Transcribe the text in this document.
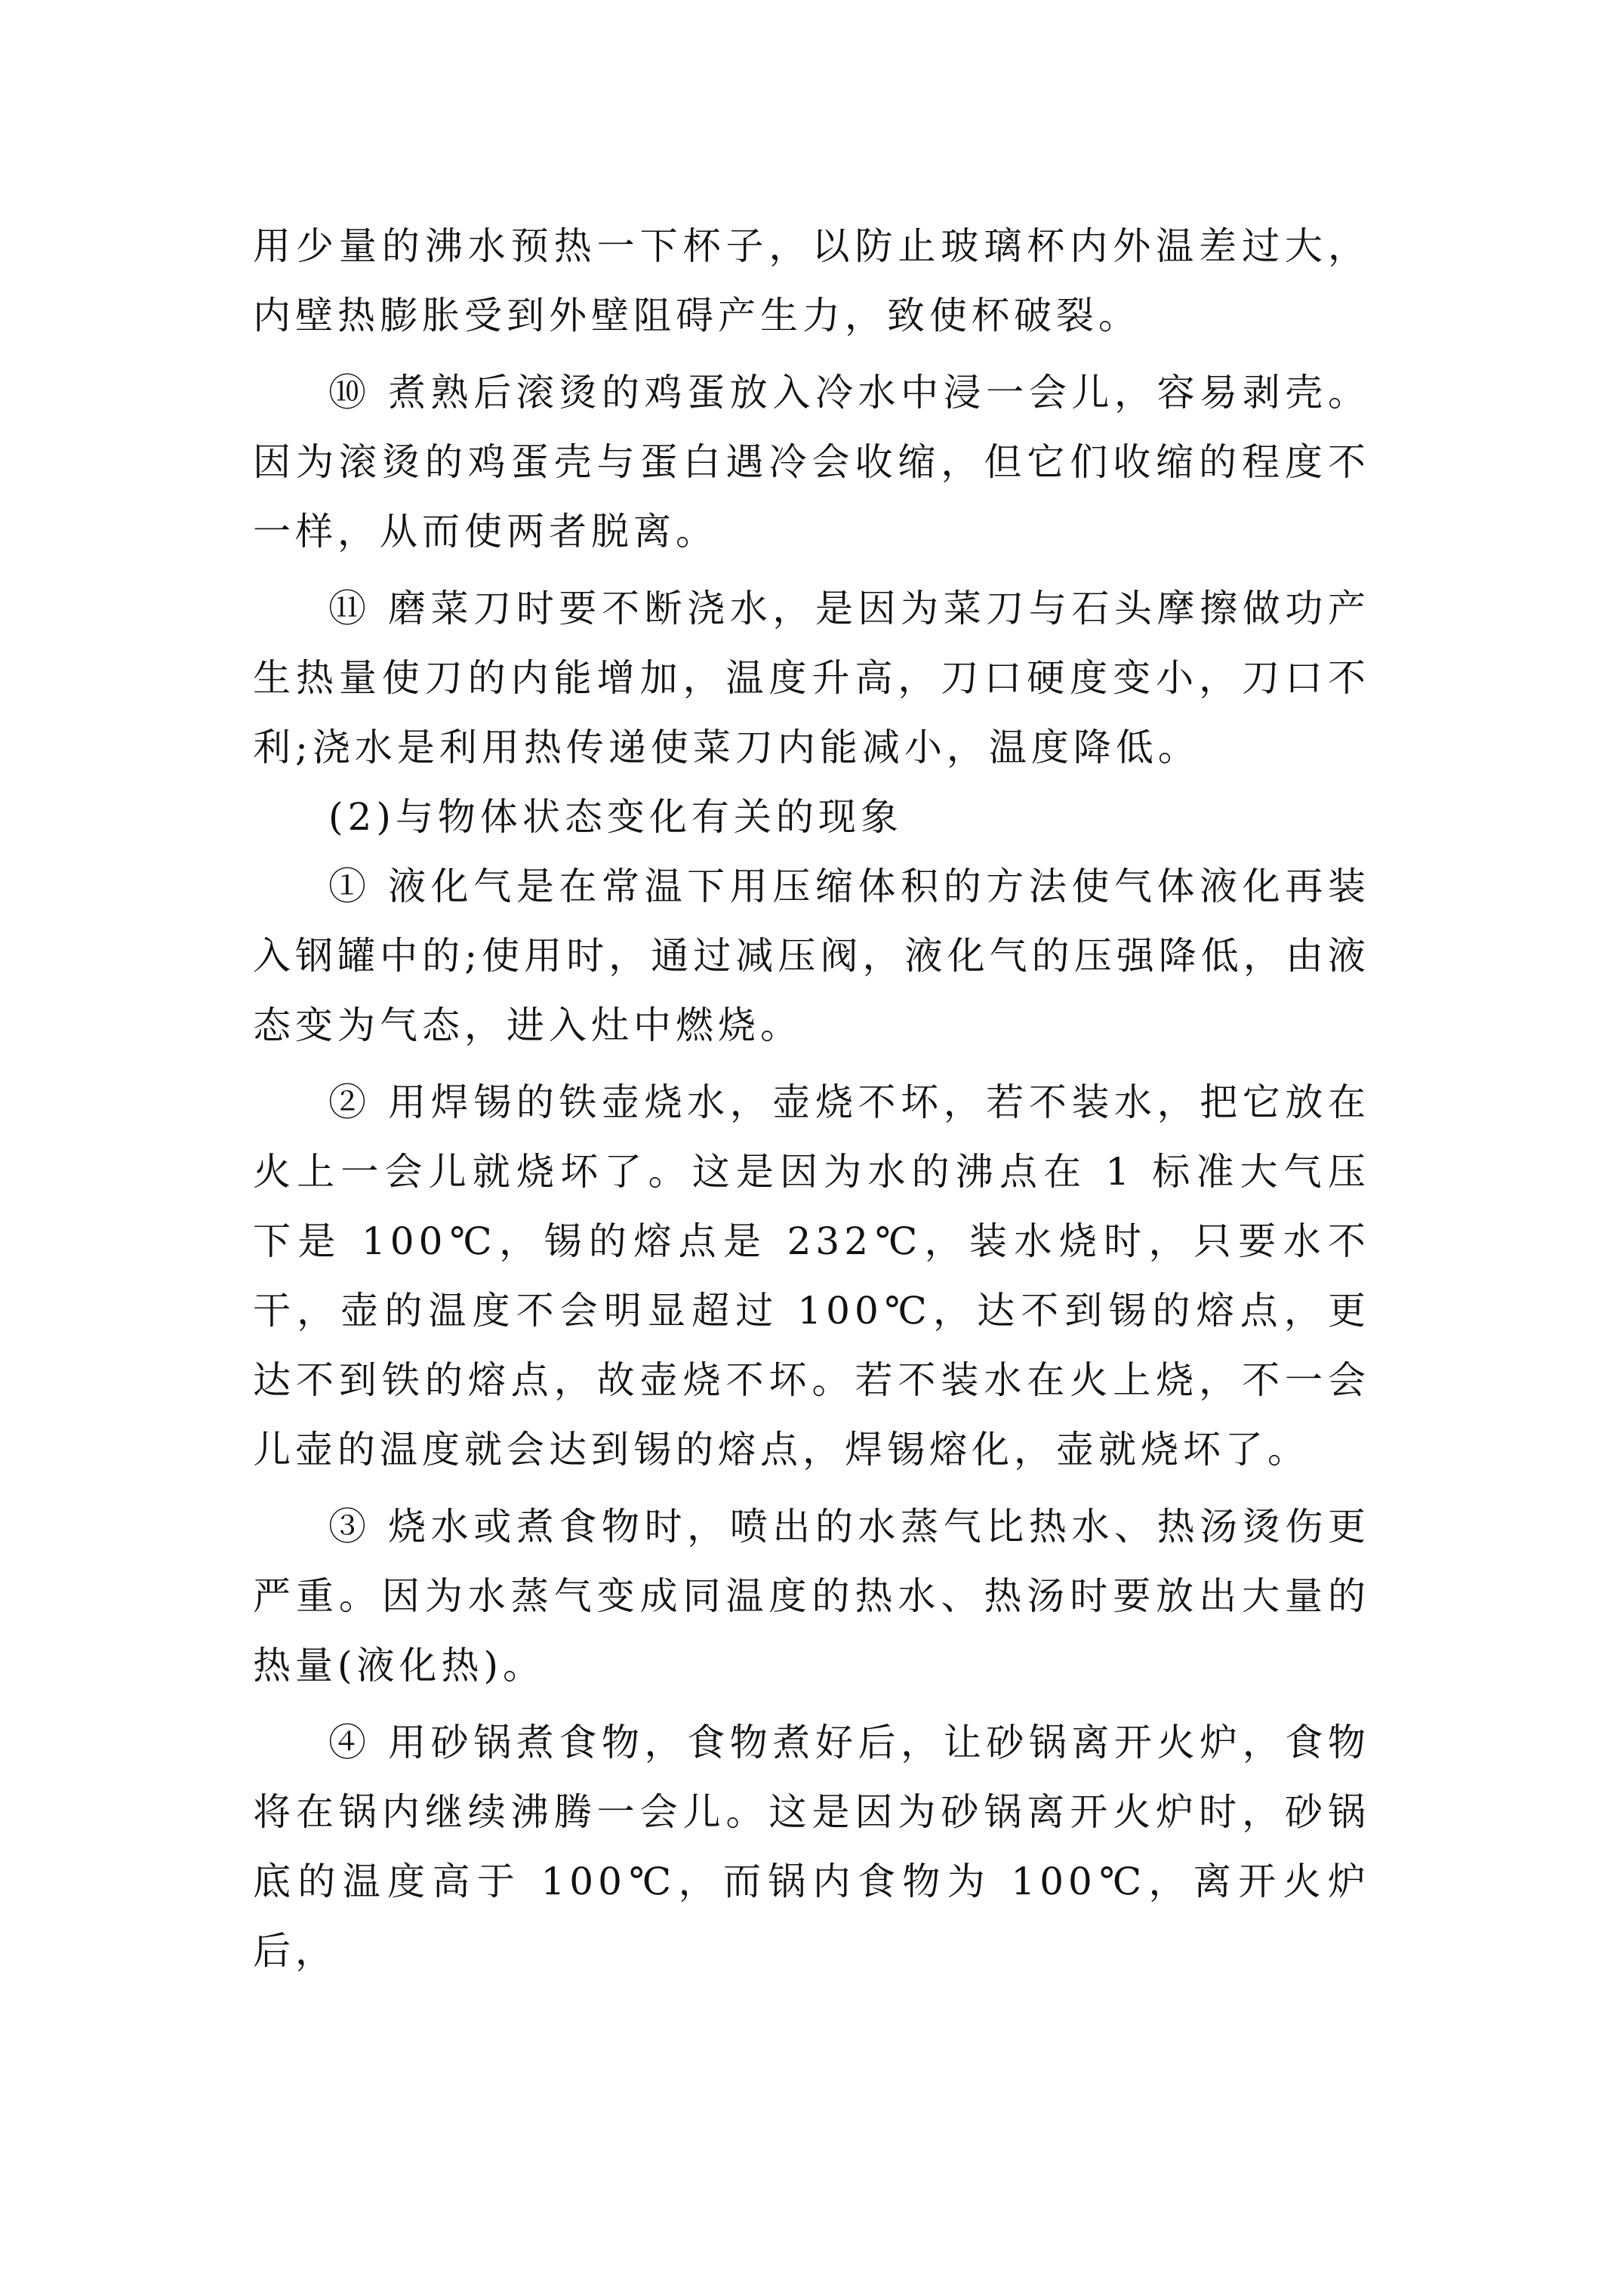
用少量的沸水预热一下杯子，以防止玻璃杯内外温差过大，内壁热膨胀受到外壁阻碍产生力，致使杯破裂。

⑩ 煮熟后滚烫的鸡蛋放入冷水中浸一会儿，容易剥壳。因为滚烫的鸡蛋壳与蛋白遇冷会收缩，但它们收缩的程度不一样，从而使两者脱离。

⑪ 磨菜刀时要不断浇水，是因为菜刀与石头摩擦做功产生热量使刀的内能增加，温度升高，刀口硬度变小，刀口不利;浇水是利用热传递使菜刀内能减小，温度降低。

(2)与物体状态变化有关的现象

① 液化气是在常温下用压缩体积的方法使气体液化再装入钢罐中的;使用时，通过减压阀，液化气的压强降低，由液态变为气态，进入灶中燃烧。

② 用焊锡的铁壶烧水，壶烧不坏，若不装水，把它放在火上一会儿就烧坏了。这是因为水的沸点在 1 标准大气压下是 100℃，锡的熔点是 232℃，装水烧时，只要水不干，壶的温度不会明显超过 100℃，达不到锡的熔点，更达不到铁的熔点，故壶烧不坏。若不装水在火上烧，不一会儿壶的温度就会达到锡的熔点，焊锡熔化，壶就烧坏了。

③ 烧水或煮食物时，喷出的水蒸气比热水、热汤烫伤更严重。因为水蒸气变成同温度的热水、热汤时要放出大量的热量(液化热)。

④ 用砂锅煮食物，食物煮好后，让砂锅离开火炉，食物将在锅内继续沸腾一会儿。这是因为砂锅离开火炉时，砂锅底的温度高于 100℃，而锅内食物为 100℃，离开火炉后，
